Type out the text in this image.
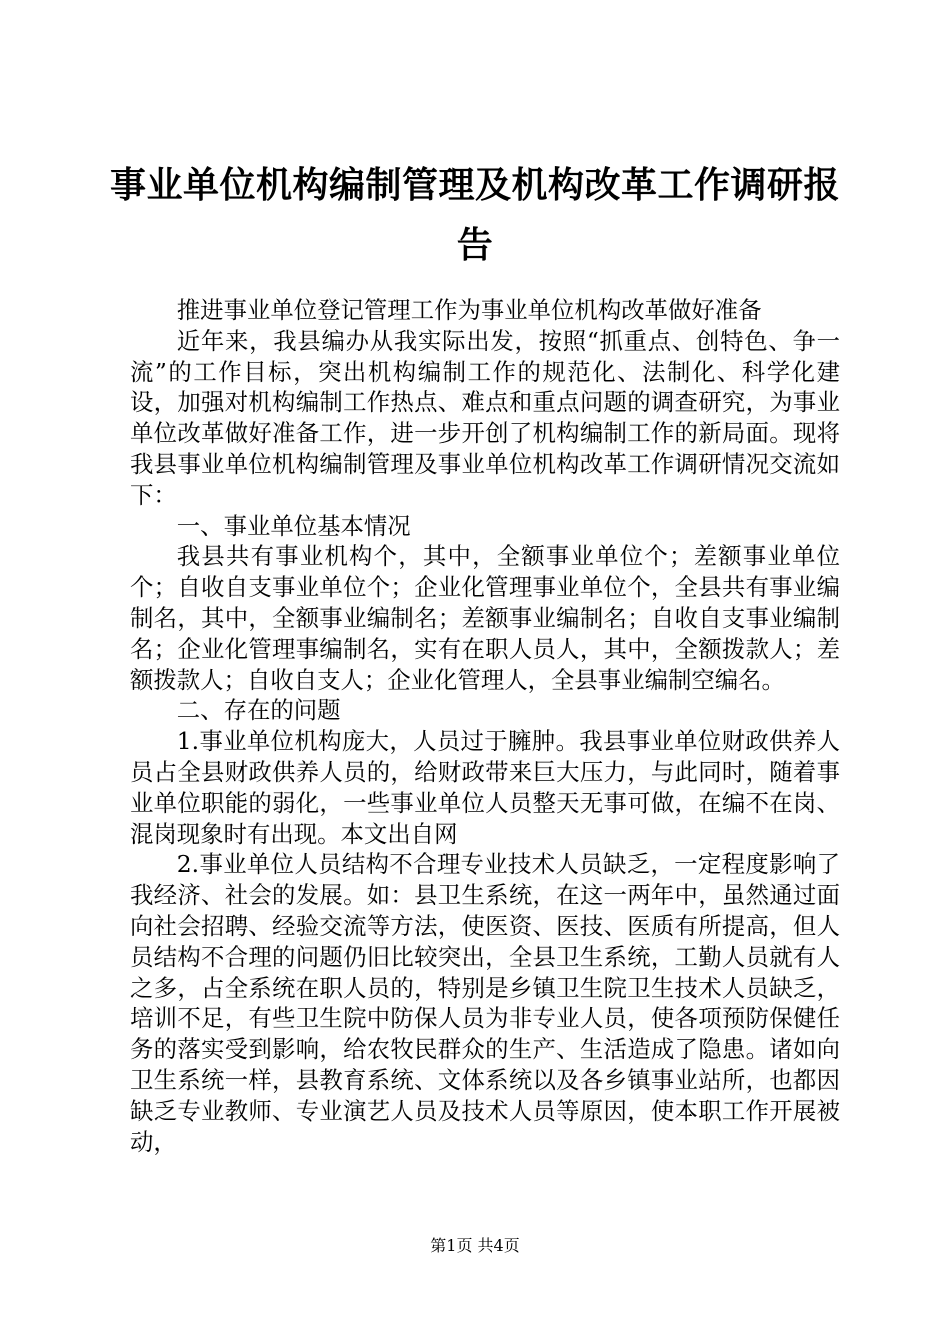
事业单位机构编制管理及机构改革工作调研报告

推进事业单位登记管理工作为事业单位机构改革做好准备

近年来，我县编办从我实际出发，按照“抓重点、创特色、争一流”的工作目标，突出机构编制工作的规范化、法制化、科学化建设，加强对机构编制工作热点、难点和重点问题的调查研究，为事业单位改革做好准备工作，进一步开创了机构编制工作的新局面。现将我县事业单位机构编制管理及事业单位机构改革工作调研情况交流如下：

一、事业单位基本情况

我县共有事业机构个，其中，全额事业单位个；差额事业单位个；自收自支事业单位个；企业化管理事业单位个，全县共有事业编制名，其中，全额事业编制名；差额事业编制名；自收自支事业编制名；企业化管理事编制名，实有在职人员人，其中，全额拨款人；差额拨款人；自收自支人；企业化管理人，全县事业编制空编名。

二、存在的问题

1.事业单位机构庞大，人员过于臃肿。我县事业单位财政供养人员占全县财政供养人员的，给财政带来巨大压力，与此同时，随着事业单位职能的弱化，一些事业单位人员整天无事可做，在编不在岗、混岗现象时有出现。本文出自网

2.事业单位人员结构不合理专业技术人员缺乏，一定程度影响了我经济、社会的发展。如：县卫生系统，在这一两年中，虽然通过面向社会招聘、经验交流等方法，使医资、医技、医质有所提高，但人员结构不合理的问题仍旧比较突出，全县卫生系统，工勤人员就有人之多，占全系统在职人员的，特别是乡镇卫生院卫生技术人员缺乏，培训不足，有些卫生院中防保人员为非专业人员，使各项预防保健任务的落实受到影响，给农牧民群众的生产、生活造成了隐患。诸如向卫生系统一样，县教育系统、文体系统以及各乡镇事业站所，也都因缺乏专业教师、专业演艺人员及技术人员等原因，使本职工作开展被动，

第1页 共4页
